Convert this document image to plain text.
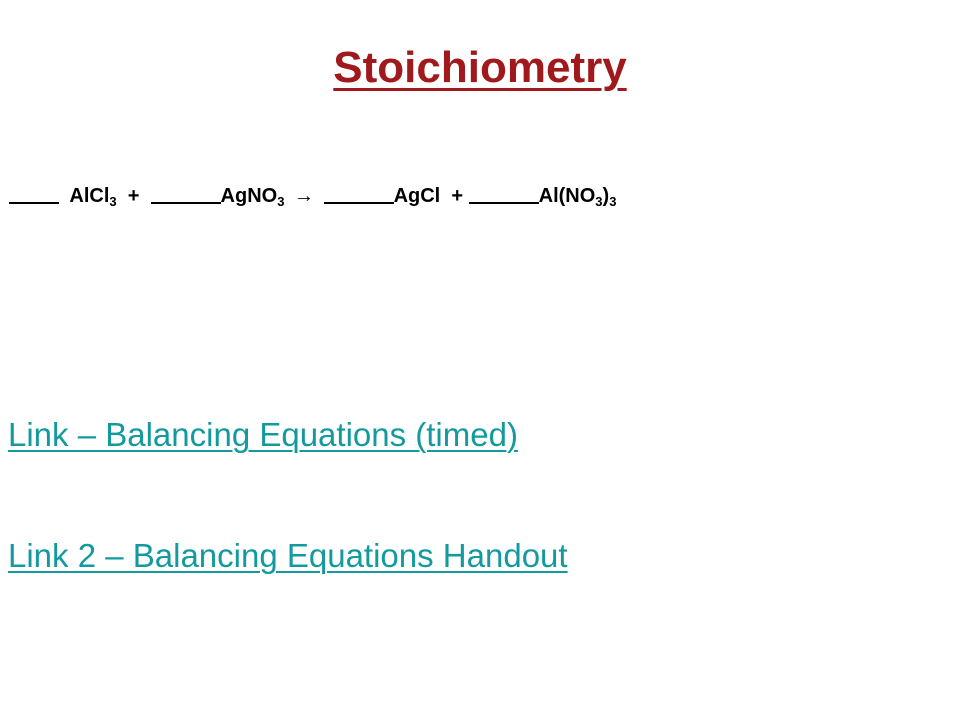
Stoichiometry
AlCl$_3$ +	AgNO$_3$ →	AgCl +	$Al(NO_3)_3$
Link – Balancing Equations (timed)
Link 2 – Balancing Equations Handout
